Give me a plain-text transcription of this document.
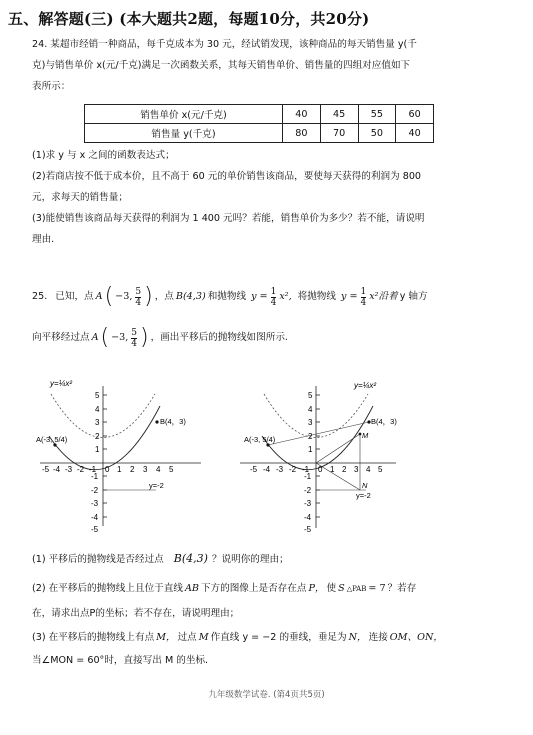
五、解答题(三) (本大题共2题，每题10分，共20分)
24. 某超市经销一种商品，每千克成本为 30 元，经试销发现，该种商品的每天销售量 y(千
克)与销售单价 x(元/千克)满足一次函数关系，其每天销售单价、销售量的四组对应值如下
表所示：
销售单价 x(元/千克)	40	45	55	60
销售量 y(千克)	80	70	50	40
(1)求 y 与 x 之间的函数表达式；
(2)若商店按不低于成本价，且不高于 60 元的单价销售该商品，要使每天获得的利润为 800
元，求每天的销售量；
(3)能使销售该商品每天获得的利润为 1 400 元吗？若能，销售单价为多少？若不能，请说明
理由.
25. 已知，点 A ( −3, $\frac{5}{4}$ ) ，点 B(4,3) 和抛物线 $y = \frac{1}{4} x^2$, 将抛物线 $y = \frac{1}{4} x^2$沿着 y 轴方
向平移经过点 A ( −3, $\frac{5}{4}$ ) ，画出平移后的抛物线如图所示.
y=¼x²
A(-3, 5/4)
B(4，3)
y=-2
-5 -4 -3 -2 -1 0 1 2 3 4 5
5
4
3
2
1
-1
-2
-3
-4
-5
y=¼x²
A(-3, 5/4)
B(4，3)
M
N
y=-2
-5 -4 -3 -2 -1 0 1 2 3 4 5
5
4
3
2
1
-1
-2
-3
-4
-5
(1) 平移后的抛物线是否经过点 B(4,3) ？说明你的理由；
(2) 在平移后的抛物线上且位于直线 AB 下方的图像上是否存在点 P， 使 S △PAB = 7 ？若存
在，请求出点P的坐标；若不存在，请说明理由；
(3) 在平移后的抛物线上有点 M， 过点 M 作直线 y = −2 的垂线，垂足为 N， 连接 OM、ON，
当∠MON = 60°时，直接写出 M 的坐标.
九年级数学试卷. (第4页共5页)
